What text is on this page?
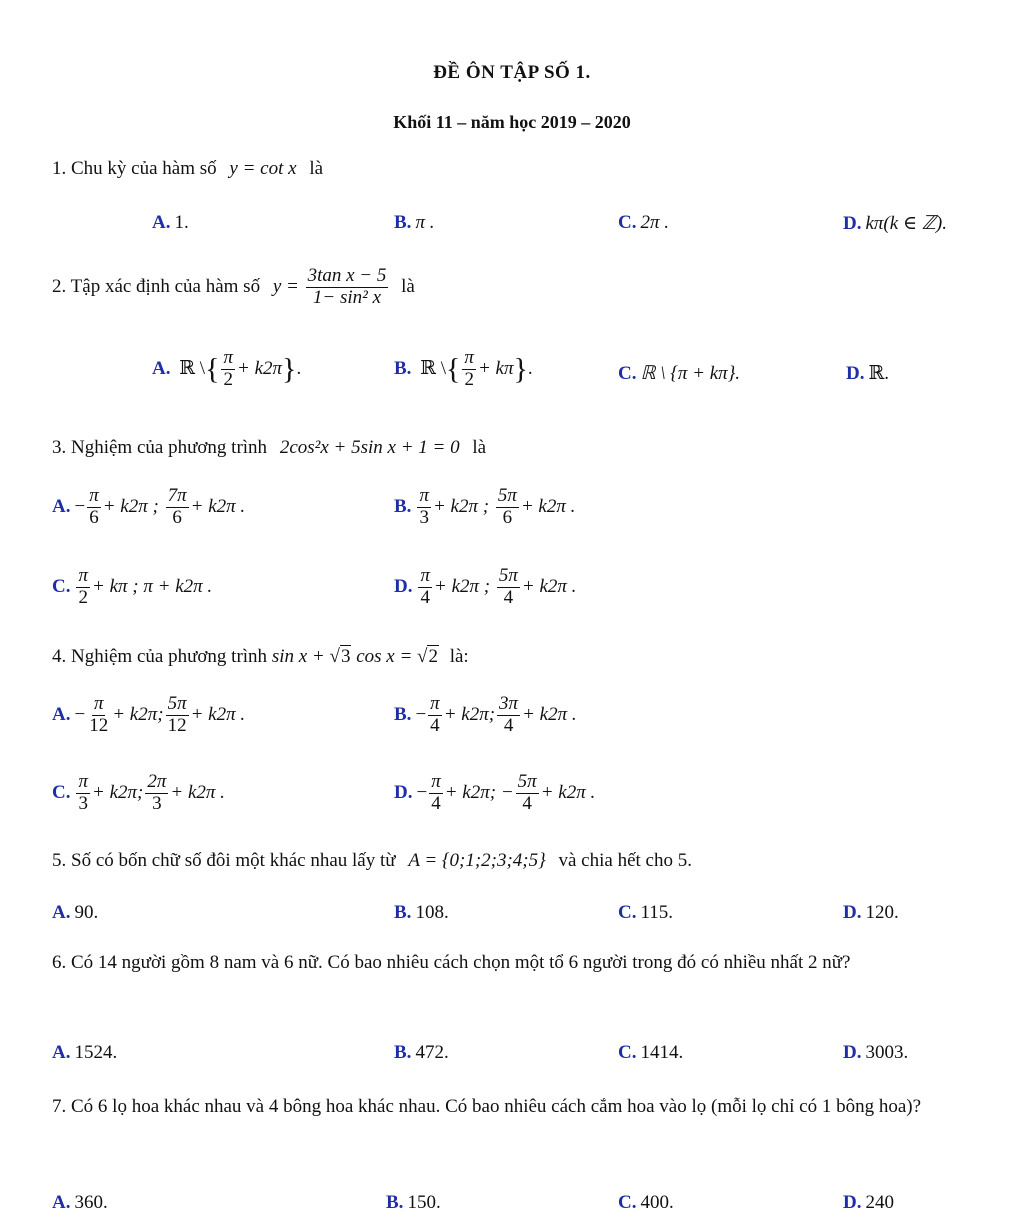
ĐỀ ÔN TẬP SỐ 1.
Khối 11 – năm học 2019 – 2020
1. Chu kỳ của hàm số y = cot x là
A. 1.	B. π .	C. 2π .	D. kπ(k ∈ ℤ).
2. Tập xác định của hàm số $y = \frac{\text{3tan x − 5}}{\text{1− sin² x}}$ là
A. ℝ \{ $\frac{\pi}{2} + k2\pi$}.	B. ℝ \{ $\frac{\pi}{2} + k\pi$}.	C. ℝ \ {π + kπ}.	D. ℝ.
3. Nghiệm của phương trình 2cos²x + 5sin x + 1 = 0 là
A. − $\frac{\pi}{6} + k2\pi$ ; $\frac{7\pi}{6} + k2\pi$ .	B. $\frac{\pi}{3} + k2\pi$ ; $\frac{5\pi}{6} + k2\pi$ .
C. $\frac{\pi}{2} + k\pi$ ; π + k2π .	D. $\frac{\pi}{4} + k2\pi$ ; $\frac{5\pi}{4} + k2\pi$ .
4. Nghiệm của phương trình sin x + √3 cos x = √2 là:
A. − $\frac{\pi}{12} + k2\pi$; $\frac{5\pi}{12} + k2\pi$ .	B. − $\frac{\pi}{4} + k2\pi$; $\frac{3\pi}{4} + k2\pi$ .
C. $\frac{\pi}{3} + k2\pi$; $\frac{2\pi}{3} + k2\pi$ .	D. − $\frac{\pi}{4} + k2\pi$; − $\frac{5\pi}{4} + k2\pi$ .
5. Số có bốn chữ số đôi một khác nhau lấy từ A = {0;1;2;3;4;5} và chia hết cho 5.
A. 90.	B. 108.	C. 115.	D. 120.
6. Có 14 người gồm 8 nam và 6 nữ. Có bao nhiêu cách chọn một tổ 6 người trong đó có nhiều nhất 2 nữ?
A. 1524.	B. 472.	C. 1414.	D. 3003.
7. Có 6 lọ hoa khác nhau và 4 bông hoa khác nhau. Có bao nhiêu cách cắm hoa vào lọ (mỗi lọ chỉ có 1 bông hoa)?
A. 360.	B. 150.	C. 400.	D. 240
